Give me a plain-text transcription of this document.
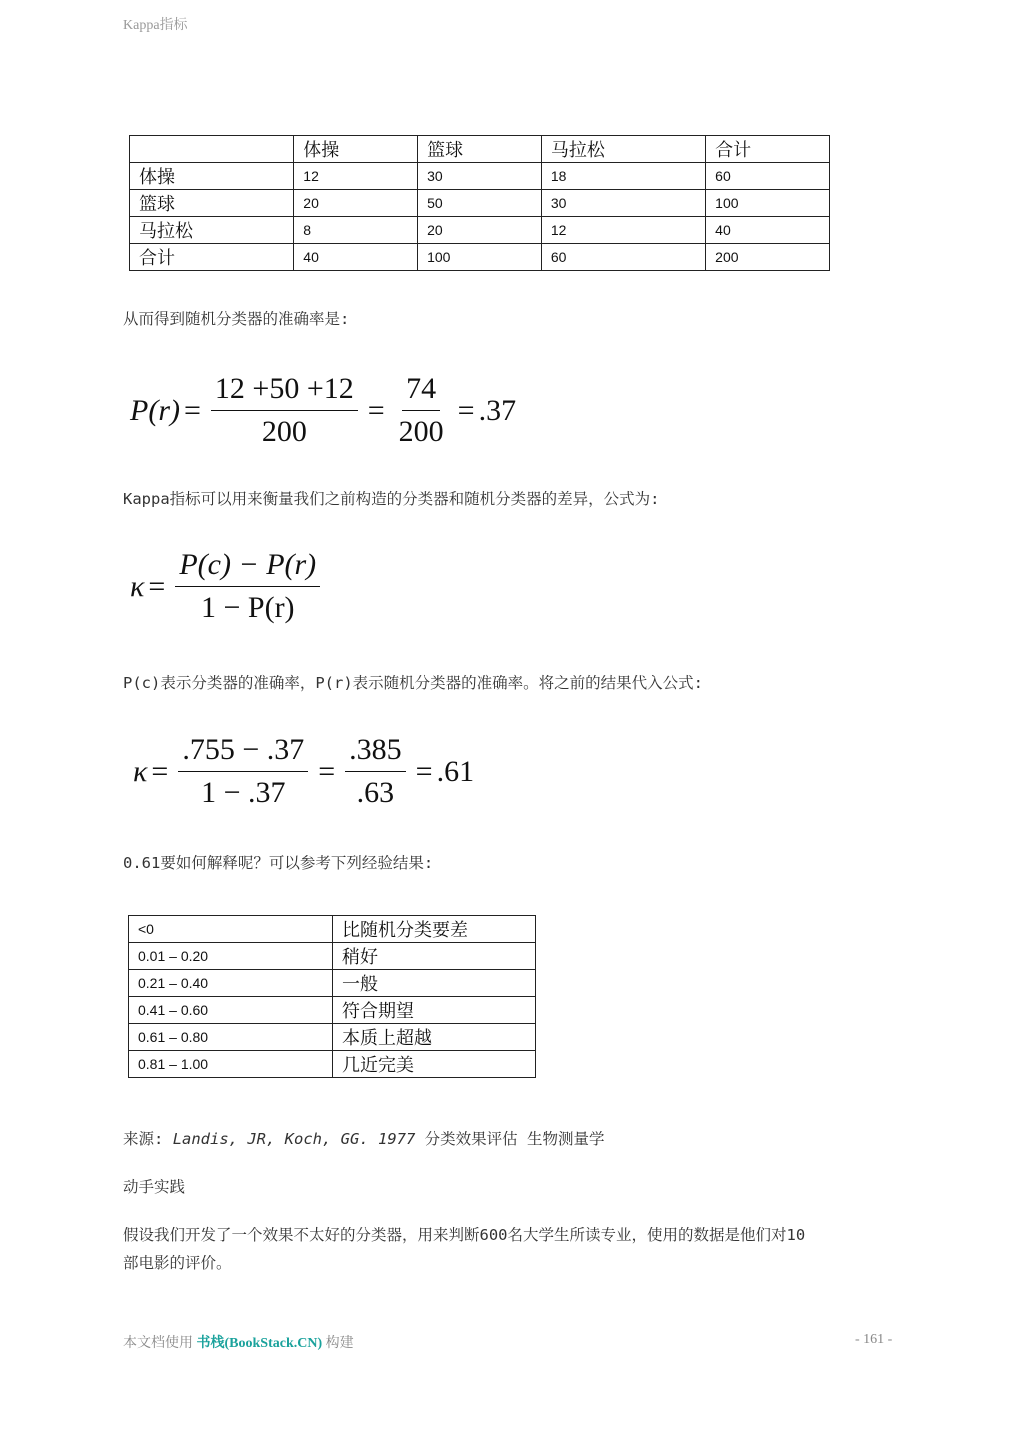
Kappa指标
	体操	篮球	马拉松	合计
体操	12	30	18	60
篮球	20	50	30	100
马拉松	8	20	12	40
合计	40	100	60	200
从而得到随机分类器的准确率是:
$P(r) = \frac{12 +50 +12}{200} = \frac{74}{200} = .37$
Kappa指标可以用来衡量我们之前构造的分类器和随机分类器的差异，公式为:
$\kappa = \frac{P(c) - P(r)}{1 - P(r)}$
P(c)表示分类器的准确率，P(r)表示随机分类器的准确率。将之前的结果代入公式:
$\kappa = \frac{.755 - .37}{1 - .37} = \frac{.385}{.63} = .61$
0.61要如何解释呢？可以参考下列经验结果:
<0	比随机分类要差
0.01 – 0.20	稍好
0.21 – 0.40	一般
0.41 – 0.60	符合期望
0.61 – 0.80	本质上超越
0.81 – 1.00	几近完美
来源: Landis, JR, Koch, GG. 1977 分类效果评估 生物测量学
动手实践
假设我们开发了一个效果不太好的分类器，用来判断600名大学生所读专业，使用的数据是他们对10
部电影的评价。
本文档使用 书栈(BookStack.CN) 构建	- 161 -
